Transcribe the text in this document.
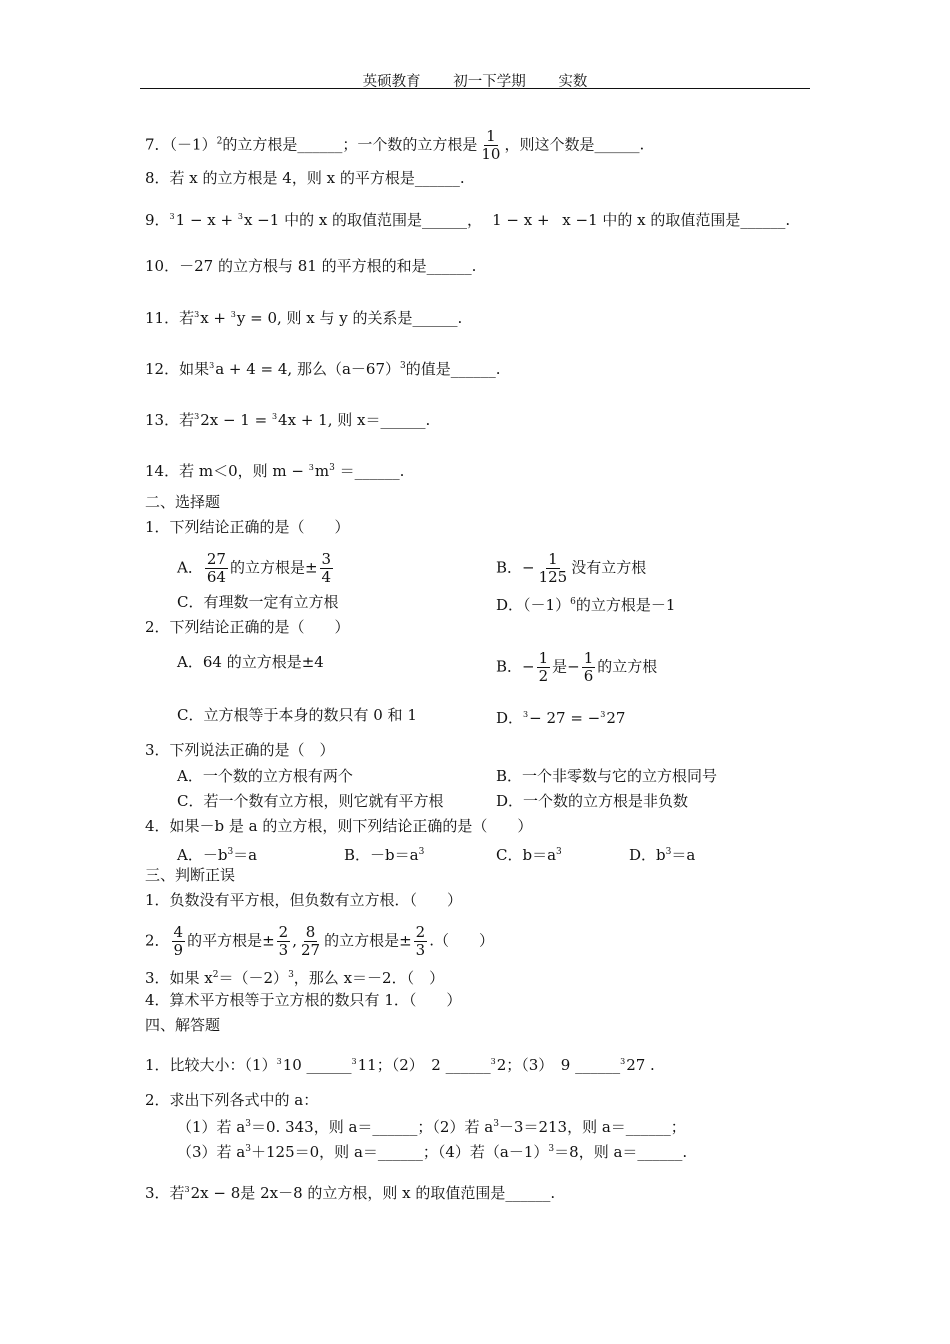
英硕教育 初一下学期 实数
7．$(-1)^2$的立方根是______；一个数的立方根是 $\frac{1}{10}$ ，则这个数是______.
8．若 x 的立方根是 4，则 x 的平方根是______.
9．$^3$1 − x + $^3$x −1 中的 x 的取值范围是______， 1 − x + x −1 中的 x 的取值范围是______.
10．－27 的立方根与 81 的平方根的和是______.
11．若$^3$x + $^3$y = 0, 则 x 与 y 的关系是______.
12．如果$^3$a + 4 = 4, 那么$(a-67)^3$的值是______.
13．若$^3$2x − 1 = $^3$4x + 1, 则 x＝______.
14．若 m＜0，则 $m - ^3m^3$ ＝______.
二、选择题
1．下列结论正确的是（　　）
A． $\frac{27}{64}$ 的立方根是± $\frac{3}{4}$	B．− $\frac{1}{125}$ 没有立方根
C．有理数一定有立方根	D．$(-1)^6$的立方根是－1
2．下列结论正确的是（　　）
A．64 的立方根是±4	B．− $\frac{1}{2}$ 是− $\frac{1}{6}$ 的立方根
C．立方根等于本身的数只有 0 和 1	D．$^3$− 27 = −$^3$27
3．下列说法正确的是（　）
A．一个数的立方根有两个	B．一个非零数与它的立方根同号
C．若一个数有立方根，则它就有平方根	D．一个数的立方根是非负数
4．如果－b 是 a 的立方根，则下列结论正确的是（　　）
A．$-b^3=a$	B．$-b=a^3$	C．$b=a^3$	D．$b^3=a$
三、判断正误
1．负数没有平方根，但负数有立方根．（　　）
2． $\frac{4}{9}$ 的平方根是± $\frac{2}{3}$ , $\frac{8}{27}$ 的立方根是± $\frac{2}{3}$ .（　　）
3．如果 $x^2=(-2)^3$，那么 x＝－2．（　）
4．算术平方根等于立方根的数只有 1．（　　）
四、解答题
1．比较大小：$(1)^310$ ______$^3$11；（2）　2 ______$^3$2；（3）　9 ______$^3$27 .
2．求出下列各式中的 a：
（1）若 $a^3=0$. 343，则 a＝______；（2）若 $a^3-3=213$，则 a＝______；
（3）若 $a^3+125=0$，则 a＝______；（4）若$(a-1)^3=8$，则 a＝______.
3．若$^3$2x − 8是 2x－8 的立方根，则 x 的取值范围是______.
